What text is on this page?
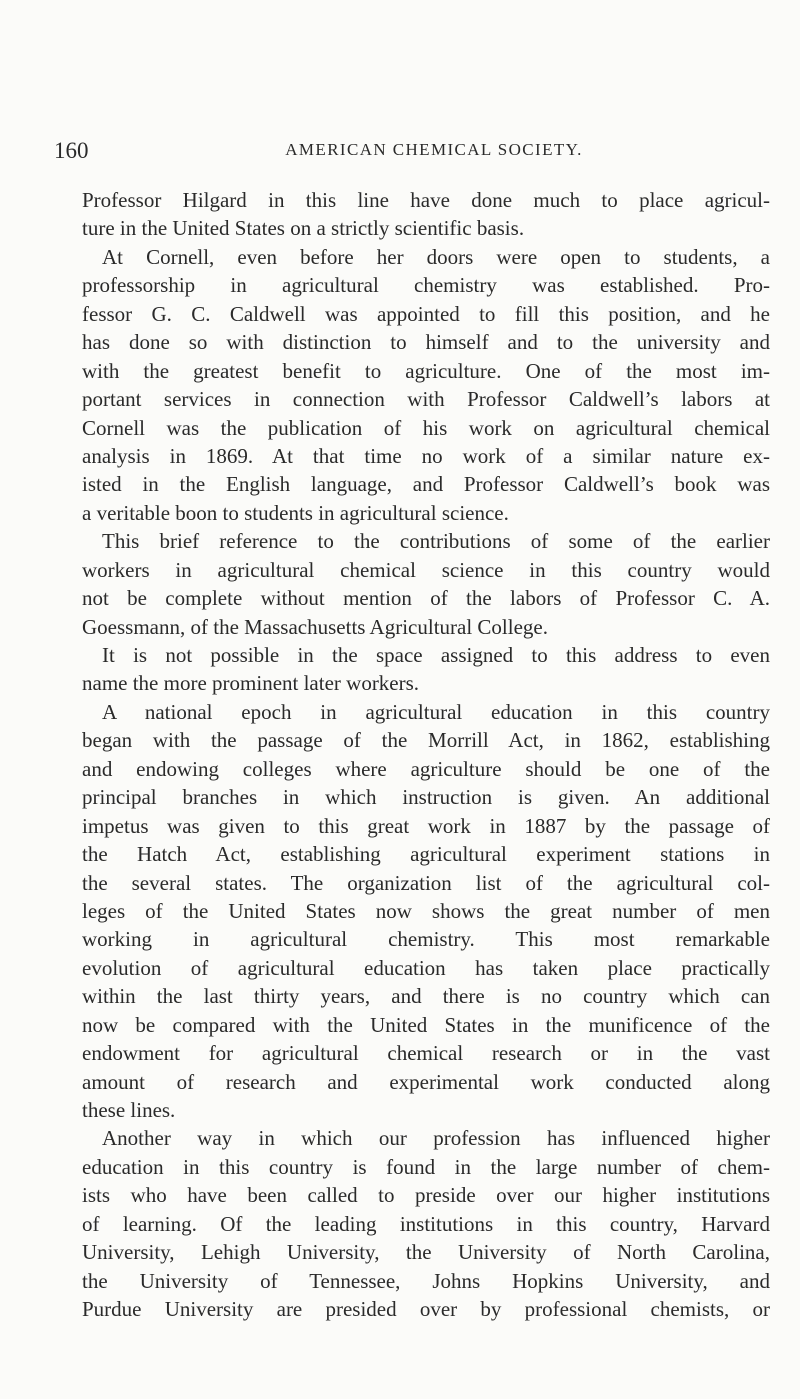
160	AMERICAN CHEMICAL SOCIETY.
Professor Hilgard in this line have done much to place agricul-
ture in the United States on a strictly scientific basis.
At Cornell, even before her doors were open to students, a
professorship in agricultural chemistry was established. Pro-
fessor G. C. Caldwell was appointed to fill this position, and he
has done so with distinction to himself and to the university and
with the greatest benefit to agriculture. One of the most im-
portant services in connection with Professor Caldwell’s labors at
Cornell was the publication of his work on agricultural chemical
analysis in 1869. At that time no work of a similar nature ex-
isted in the English language, and Professor Caldwell’s book was
a veritable boon to students in agricultural science.
This brief reference to the contributions of some of the earlier
workers in agricultural chemical science in this country would
not be complete without mention of the labors of Professor C. A.
Goessmann, of the Massachusetts Agricultural College.
It is not possible in the space assigned to this address to even
name the more prominent later workers.
A national epoch in agricultural education in this country
began with the passage of the Morrill Act, in 1862, establishing
and endowing colleges where agriculture should be one of the
principal branches in which instruction is given. An additional
impetus was given to this great work in 1887 by the passage of
the Hatch Act, establishing agricultural experiment stations in
the several states. The organization list of the agricultural col-
leges of the United States now shows the great number of men
working in agricultural chemistry. This most remarkable
evolution of agricultural education has taken place practically
within the last thirty years, and there is no country which can
now be compared with the United States in the munificence of the
endowment for agricultural chemical research or in the vast
amount of research and experimental work conducted along
these lines.
Another way in which our profession has influenced higher
education in this country is found in the large number of chem-
ists who have been called to preside over our higher institutions
of learning. Of the leading institutions in this country, Harvard
University, Lehigh University, the University of North Carolina,
the University of Tennessee, Johns Hopkins University, and
Purdue University are presided over by professional chemists, or
